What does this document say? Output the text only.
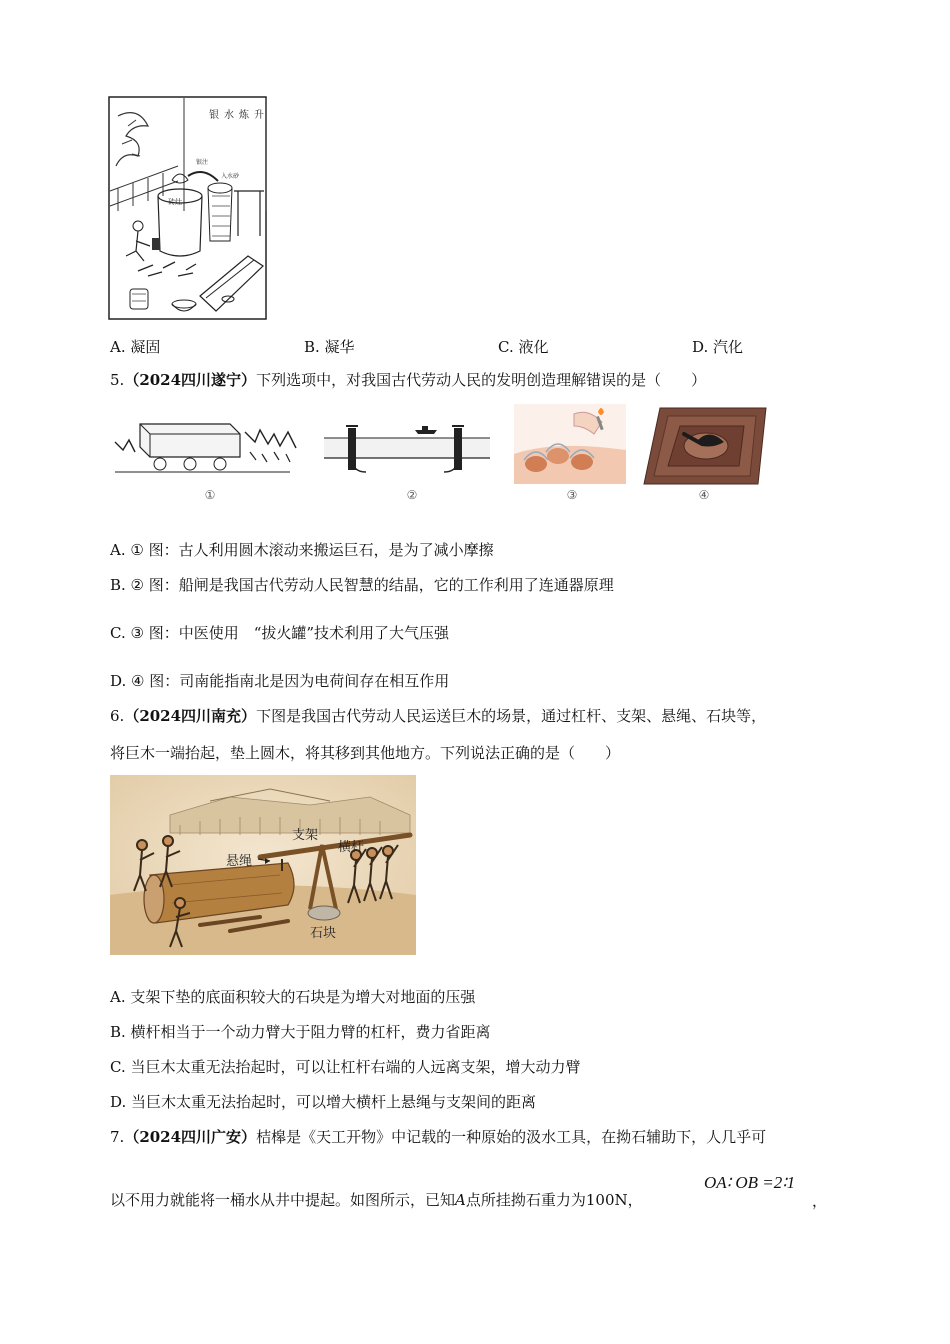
升
炼
水
银
砖灶
入水砂
银注
A. 凝固	B. 凝华	C. 液化	D. 汽化
5.（2024四川遂宁）下列选项中，对我国古代劳动人民的发明创造理解错误的是（　　）
①	②	③	④
A. ① 图：古人利用圆木滚动来搬运巨石，是为了减小摩擦
B. ② 图：船闸是我国古代劳动人民智慧的结晶，它的工作利用了连通器原理
C. ③ 图：中医使用　“拔火罐”技术利用了大气压强
D. ④ 图：司南能指南北是因为电荷间存在相互作用
6.（2024四川南充）下图是我国古代劳动人民运送巨木的场景，通过杠杆、支架、悬绳、石块等，
将巨木一端抬起，垫上圆木，将其移到其他地方。下列说法正确的是（　　）
支架
横杆
悬绳
石块
A. 支架下垫的底面积较大的石块是为增大对地面的压强
B. 横杆相当于一个动力臂大于阻力臂的杠杆，费力省距离
C. 当巨木太重无法抬起时，可以让杠杆右端的人远离支架，增大动力臂
D. 当巨木太重无法抬起时，可以增大横杆上悬绳与支架间的距离
7.（2024四川广安）桔槔是《天工开物》中记载的一种原始的汲水工具，在拗石辅助下，人几乎可
以不用力就能将一桶水从井中提起。如图所示，已知A点所挂拗石重力为100N，
OA∶ OB =2∶1
，
